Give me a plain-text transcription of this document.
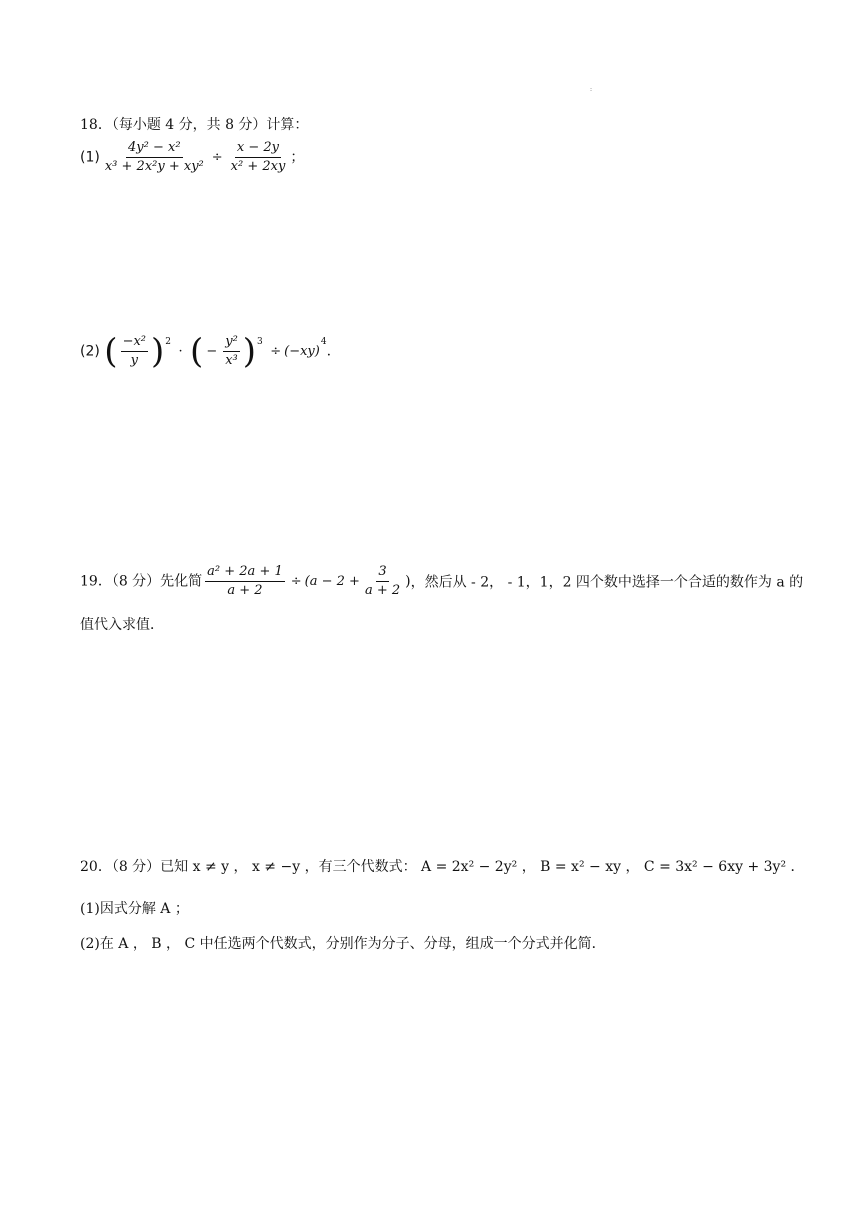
:
18．（每小题 4 分，共 8 分）计算：
$(1) \frac{\text{4y² − x²}}{\text{x³ + 2x²y + xy²}} \div \frac{x - 2y}{\text{x² + 2xy}}$ ；
(2) ( $\frac{\text{−x²}}{y} )^2$ · ( − $\frac{\text{y²}}{\text{x³}} )^3 \div (-xy)^4$.
19．（8 分）先化简 $\frac{\text{a² + 2a + 1}}{a + 2} \div (a - 2 + \frac{3}{a + 2}$ )，然后从 ‑ 2， ‑ 1，1，2 四个数中选择一个合适的数作为 a 的
值代入求值．
20．（8 分）已知 x ≠ y ， x ≠ −y ，有三个代数式： A = 2x² − 2y² ， B = x² − xy ， C = 3x² − 6xy + 3y² ．
(1)因式分解 A ；
(2)在 A ， B ， C 中任选两个代数式，分别作为分子、分母，组成一个分式并化简．
